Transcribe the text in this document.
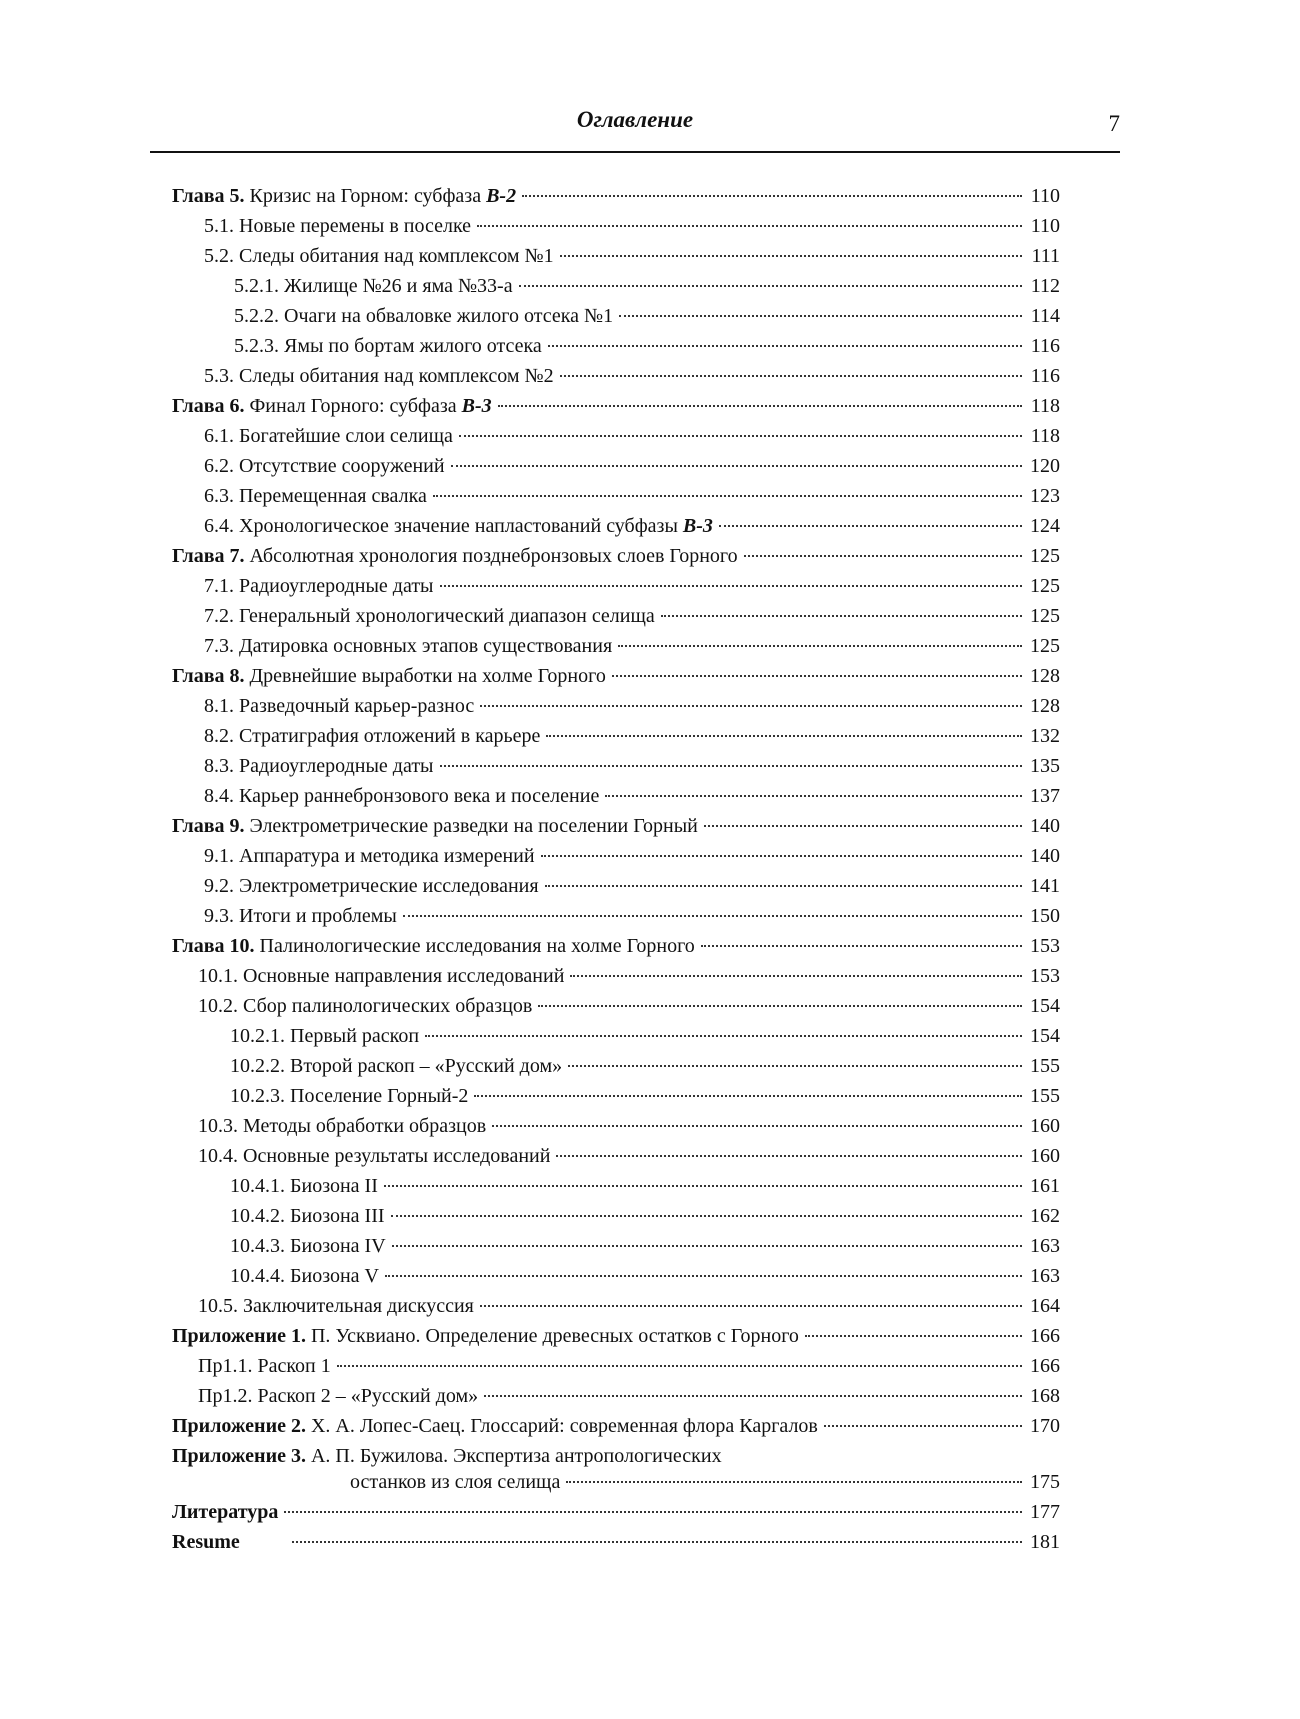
Оглавление	7
Глава 5. Кризис на Горном: субфаза B-2	110
5.1. Новые перемены в поселке	110
5.2. Следы обитания над комплексом №1	111
5.2.1. Жилище №26 и яма №33-а	112
5.2.2. Очаги на обваловке жилого отсека №1	114
5.2.3. Ямы по бортам жилого отсека	116
5.3. Следы обитания над комплексом №2	116
Глава 6. Финал Горного: субфаза B-3	118
6.1. Богатейшие слои селища	118
6.2. Отсутствие сооружений	120
6.3. Перемещенная свалка	123
6.4. Хронологическое значение напластований субфазы B-3	124
Глава 7. Абсолютная хронология позднебронзовых слоев Горного	125
7.1. Радиоуглеродные даты	125
7.2. Генеральный хронологический диапазон селища	125
7.3. Датировка основных этапов существования	125
Глава 8. Древнейшие выработки на холме Горного	128
8.1. Разведочный карьер-разнос	128
8.2. Стратиграфия отложений в карьере	132
8.3. Радиоуглеродные даты	135
8.4. Карьер раннебронзового века и поселение	137
Глава 9. Электрометрические разведки на поселении Горный	140
9.1. Аппаратура и методика измерений	140
9.2. Электрометрические исследования	141
9.3. Итоги и проблемы	150
Глава 10. Палинологические исследования на холме Горного	153
10.1. Основные направления исследований	153
10.2. Сбор палинологических образцов	154
10.2.1. Первый раскоп	154
10.2.2. Второй раскоп – «Русский дом»	155
10.2.3. Поселение Горный-2	155
10.3. Методы обработки образцов	160
10.4. Основные результаты исследований	160
10.4.1. Биозона II	161
10.4.2. Биозона III	162
10.4.3. Биозона IV	163
10.4.4. Биозона V	163
10.5. Заключительная дискуссия	164
Приложение 1. П. Усквиано. Определение древесных остатков с Горного	166
Пр1.1. Раскоп 1	166
Пр1.2. Раскоп 2 – «Русский дом»	168
Приложение 2. Х. А. Лопес-Саец. Глоссарий: современная флора Каргалов	170
Приложение 3. А. П. Бужилова. Экспертиза антропологических
останков из слоя селища	175
Литература	177
Resume	181
